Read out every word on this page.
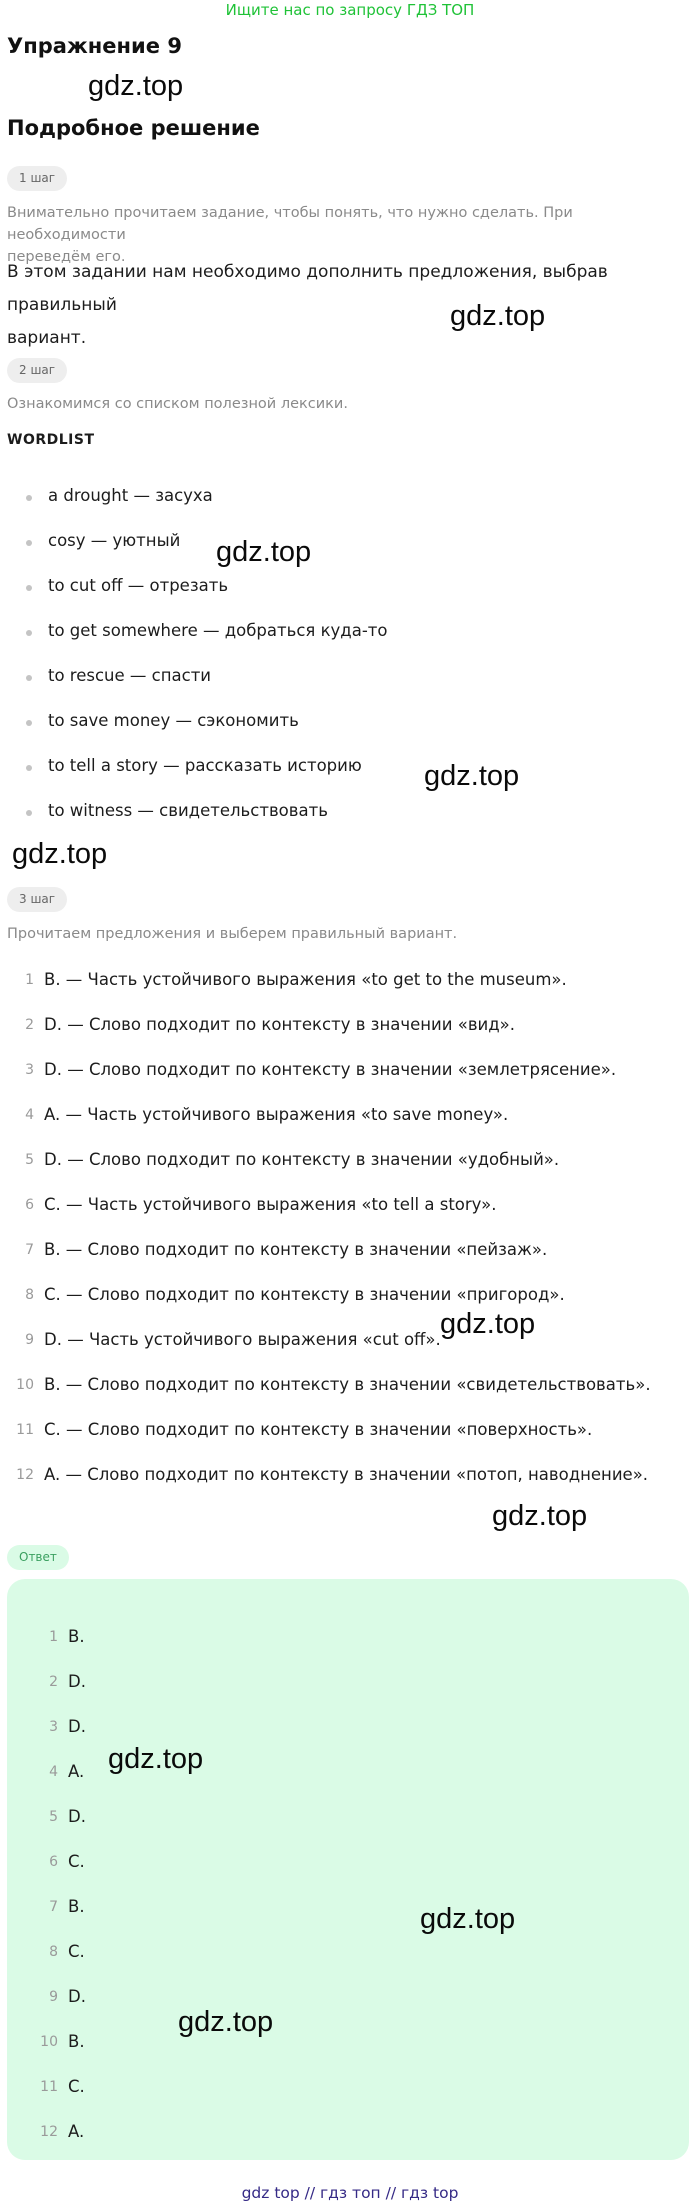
Ищите нас по запросу ГДЗ ТОП
Упражнение 9
gdz.top
Подробное решение
1 шаг
Внимательно прочитаем задание, чтобы понять, что нужно сделать. При необходимости
переведём его.
В этом задании нам необходимо дополнить предложения, выбрав правильный
вариант.
gdz.top
2 шаг
Ознакомимся со списком полезной лексики.
WORDLIST
a drought — засуха
cosy — уютный
to cut off — отрезать
to get somewhere — добраться куда-то
to rescue — спасти
to save money — сэкономить
to tell a story — рассказать историю
to witness — свидетельствовать
gdz.top
gdz.top
gdz.top
3 шаг
Прочитаем предложения и выберем правильный вариант.
1 B. — Часть устойчивого выражения «to get to the museum».
2 D. — Слово подходит по контексту в значении «вид».
3 D. — Слово подходит по контексту в значении «землетрясение».
4 A. — Часть устойчивого выражения «to save money».
5 D. — Слово подходит по контексту в значении «удобный».
6 C. — Часть устойчивого выражения «to tell a story».
7 B. — Слово подходит по контексту в значении «пейзаж».
8 C. — Слово подходит по контексту в значении «пригород».
9 D. — Часть устойчивого выражения «cut off».
10 B. — Слово подходит по контексту в значении «свидетельствовать».
11 C. — Слово подходит по контексту в значении «поверхность».
12 A. — Слово подходит по контексту в значении «потоп, наводнение».
gdz.top
gdz.top
Ответ
1 B.
2 D.
3 D.
4 A.
5 D.
6 C.
7 B.
8 C.
9 D.
10 B.
11 C.
12 A.
gdz.top
gdz.top
gdz.top
gdz top // гдз топ // гдз top
